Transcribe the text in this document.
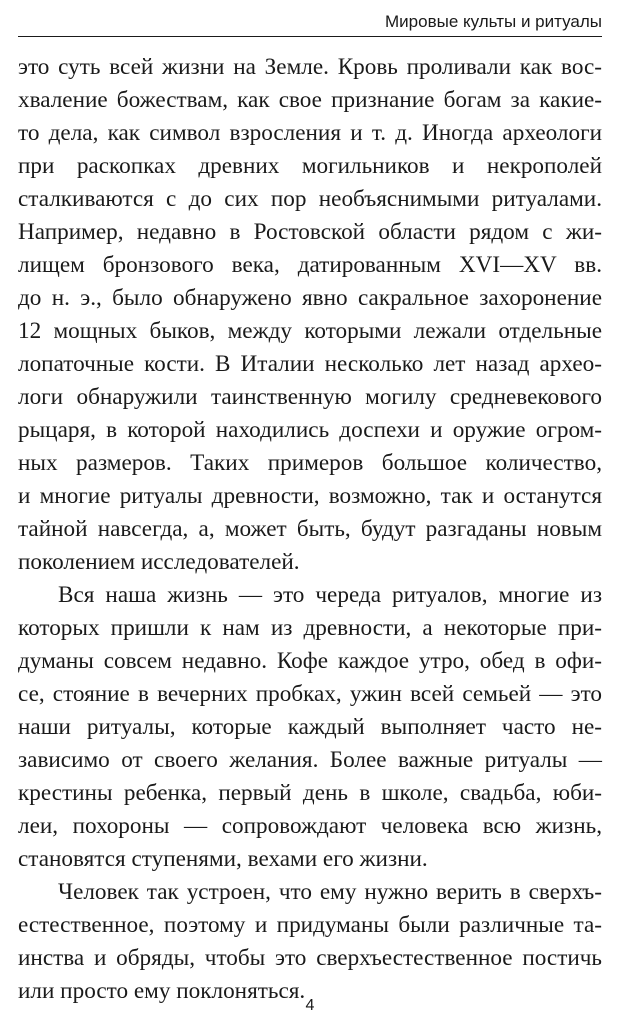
Мировые культы и ритуалы
это суть всей жизни на Земле. Кровь проливали как вос-
хваление божествам, как свое признание богам за какие-
то дела, как символ взросления и т. д. Иногда археологи
при раскопках древних могильников и некрополей
сталкиваются с до сих пор необъяснимыми ритуалами.
Например, недавно в Ростовской области рядом с жи-
лищем бронзового века, датированным XVI—XV вв.
до н. э., было обнаружено явно сакральное захоронение
12 мощных быков, между которыми лежали отдельные
лопаточные кости. В Италии несколько лет назад архео-
логи обнаружили таинственную могилу средневекового
рыцаря, в которой находились доспехи и оружие огром-
ных размеров. Таких примеров большое количество,
и многие ритуалы древности, возможно, так и останутся
тайной навсегда, а, может быть, будут разгаданы новым
поколением исследователей.
Вся наша жизнь — это череда ритуалов, многие из
которых пришли к нам из древности, а некоторые при-
думаны совсем недавно. Кофе каждое утро, обед в офи-
се, стояние в вечерних пробках, ужин всей семьей — это
наши ритуалы, которые каждый выполняет часто не-
зависимо от своего желания. Более важные ритуалы —
крестины ребенка, первый день в школе, свадьба, юби-
леи, похороны — сопровождают человека всю жизнь,
становятся ступенями, вехами его жизни.
Человек так устроен, что ему нужно верить в сверхъ-
естественное, поэтому и придуманы были различные та-
инства и обряды, чтобы это сверхъестественное постичь
или просто ему поклоняться.
4
